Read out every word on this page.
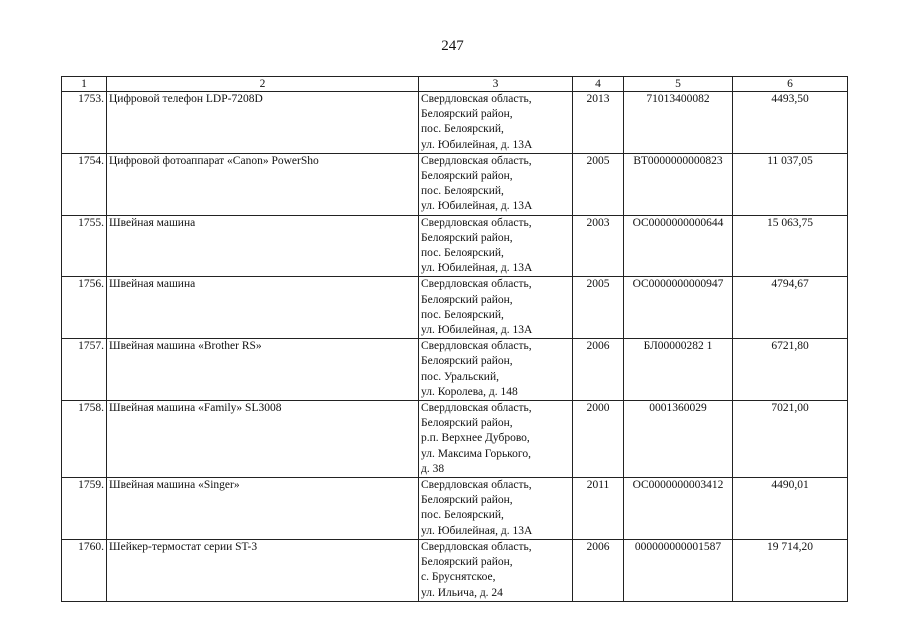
247
1	2	3	4	5	6
1753.	Цифровой телефон LDP-7208D	Свердловская область,
Белоярский район,
пос. Белоярский,
ул. Юбилейная, д. 13А	2013	71013400082	4493,50
1754.	Цифровой фотоаппарат «Canon» PowerSho	Свердловская область,
Белоярский район,
пос. Белоярский,
ул. Юбилейная, д. 13А	2005	ВТ0000000000823	11 037,05
1755.	Швейная машина	Свердловская область,
Белоярский район,
пос. Белоярский,
ул. Юбилейная, д. 13А	2003	ОС0000000000644	15 063,75
1756.	Швейная машина	Свердловская область,
Белоярский район,
пос. Белоярский,
ул. Юбилейная, д. 13А	2005	ОС0000000000947	4794,67
1757.	Швейная машина «Brother RS»	Свердловская область,
Белоярский район,
пос. Уральский,
ул. Королева, д. 148	2006	БЛ00000282 1	6721,80
1758.	Швейная машина «Family» SL3008	Свердловская область,
Белоярский район,
р.п. Верхнее Дуброво,
ул. Максима Горького,
д. 38	2000	0001360029	7021,00
1759.	Швейная машина «Singer»	Свердловская область,
Белоярский район,
пос. Белоярский,
ул. Юбилейная, д. 13А	2011	ОС0000000003412	4490,01
1760.	Шейкер-термостат серии ST-3	Свердловская область,
Белоярский район,
с. Бруснятское,
ул. Ильича, д. 24	2006	000000000001587	19 714,20
